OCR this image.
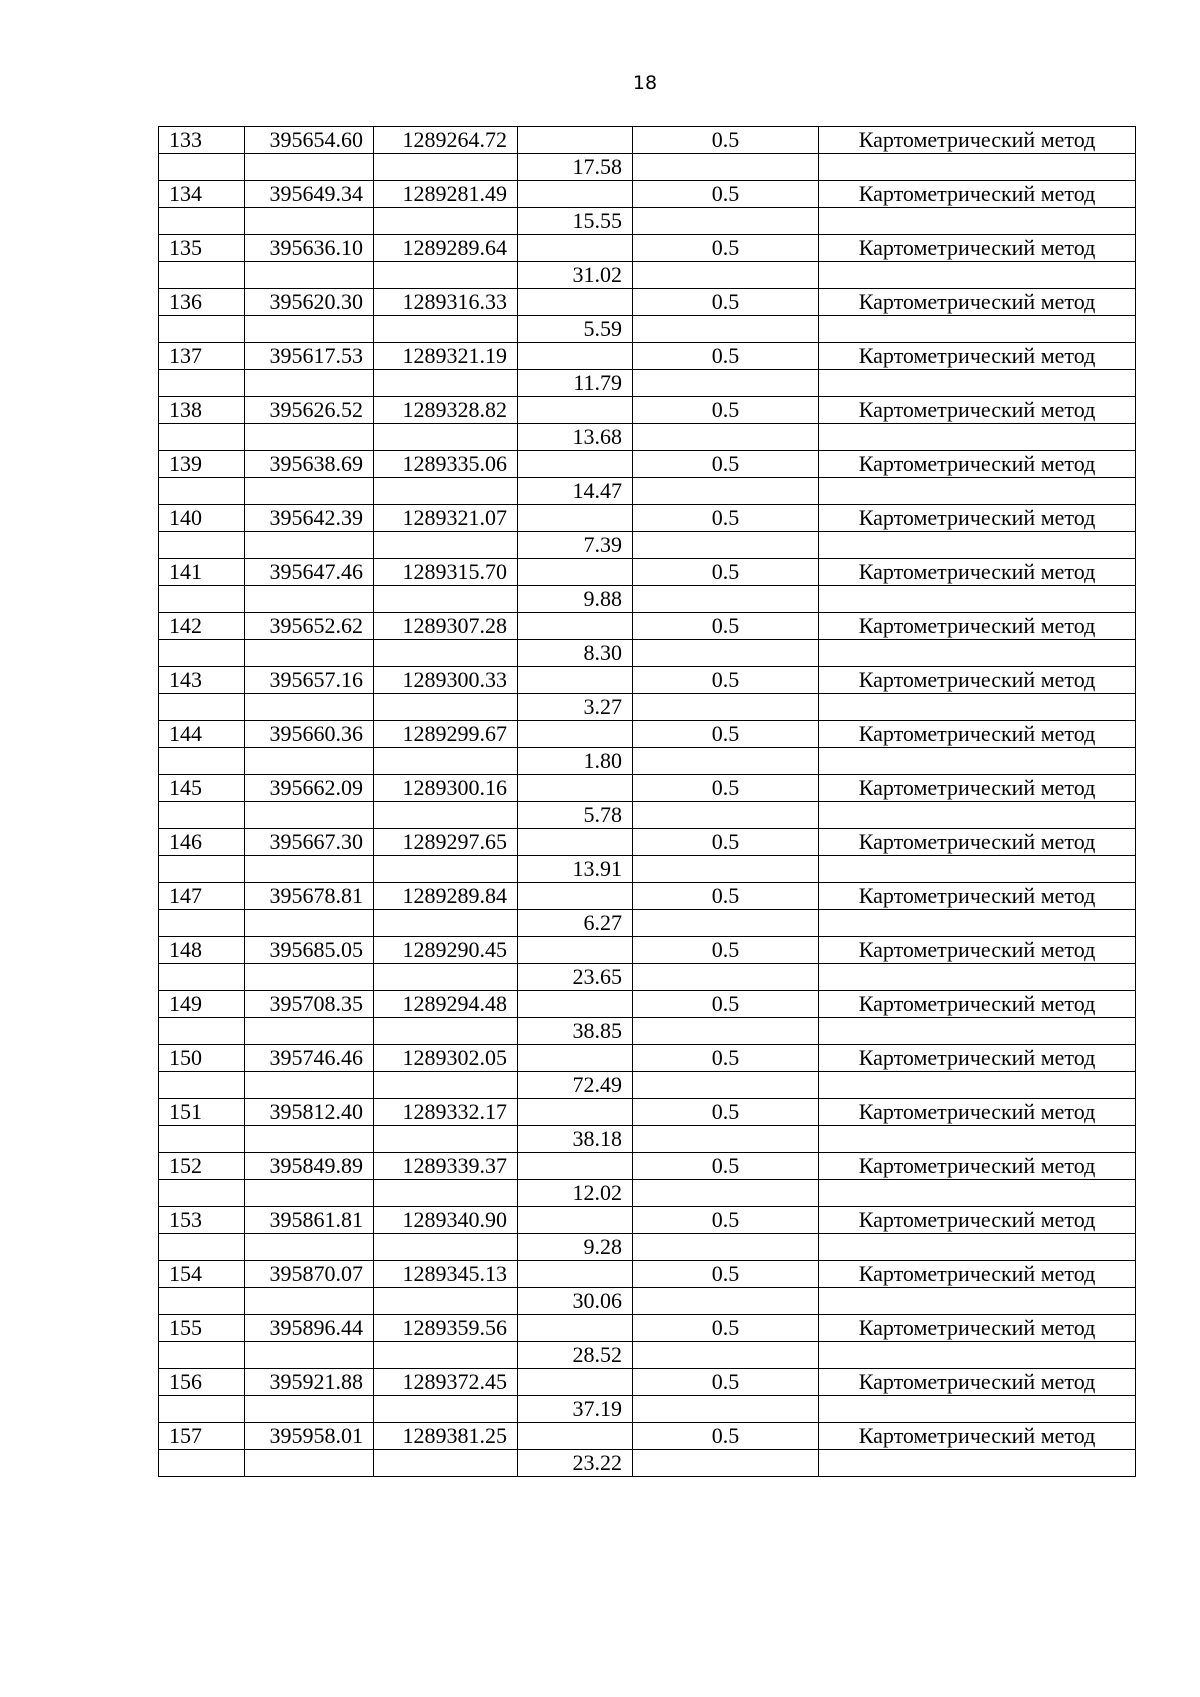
18
133	395654.60	1289264.72		0.5	Картометрический метод
			17.58		
134	395649.34	1289281.49		0.5	Картометрический метод
			15.55		
135	395636.10	1289289.64		0.5	Картометрический метод
			31.02		
136	395620.30	1289316.33		0.5	Картометрический метод
			5.59		
137	395617.53	1289321.19		0.5	Картометрический метод
			11.79		
138	395626.52	1289328.82		0.5	Картометрический метод
			13.68		
139	395638.69	1289335.06		0.5	Картометрический метод
			14.47		
140	395642.39	1289321.07		0.5	Картометрический метод
			7.39		
141	395647.46	1289315.70		0.5	Картометрический метод
			9.88		
142	395652.62	1289307.28		0.5	Картометрический метод
			8.30		
143	395657.16	1289300.33		0.5	Картометрический метод
			3.27		
144	395660.36	1289299.67		0.5	Картометрический метод
			1.80		
145	395662.09	1289300.16		0.5	Картометрический метод
			5.78		
146	395667.30	1289297.65		0.5	Картометрический метод
			13.91		
147	395678.81	1289289.84		0.5	Картометрический метод
			6.27		
148	395685.05	1289290.45		0.5	Картометрический метод
			23.65		
149	395708.35	1289294.48		0.5	Картометрический метод
			38.85		
150	395746.46	1289302.05		0.5	Картометрический метод
			72.49		
151	395812.40	1289332.17		0.5	Картометрический метод
			38.18		
152	395849.89	1289339.37		0.5	Картометрический метод
			12.02		
153	395861.81	1289340.90		0.5	Картометрический метод
			9.28		
154	395870.07	1289345.13		0.5	Картометрический метод
			30.06		
155	395896.44	1289359.56		0.5	Картометрический метод
			28.52		
156	395921.88	1289372.45		0.5	Картометрический метод
			37.19		
157	395958.01	1289381.25		0.5	Картометрический метод
			23.22		
